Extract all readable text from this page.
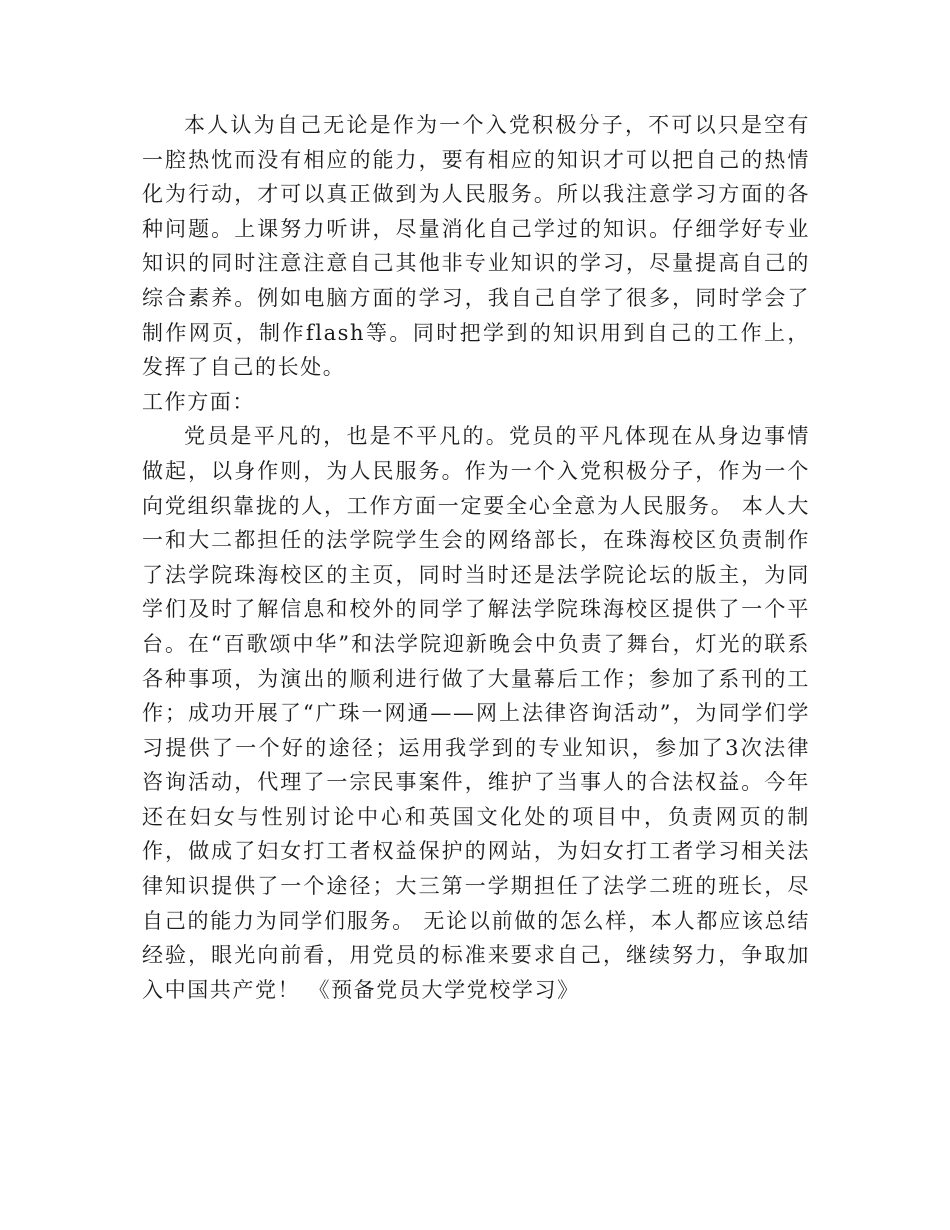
本人认为自己无论是作为一个入党积极分子，不可以只是空有一腔热忱而没有相应的能力，要有相应的知识才可以把自己的热情化为行动，才可以真正做到为人民服务。所以我注意学习方面的各种问题。上课努力听讲，尽量消化自己学过的知识。仔细学好专业知识的同时注意注意自己其他非专业知识的学习，尽量提高自己的综合素养。例如电脑方面的学习，我自己自学了很多，同时学会了制作网页，制作flash等。同时把学到的知识用到自己的工作上，发挥了自己的长处。

工作方面：

党员是平凡的，也是不平凡的。党员的平凡体现在从身边事情做起，以身作则，为人民服务。作为一个入党积极分子，作为一个向党组织靠拢的人，工作方面一定要全心全意为人民服务。 本人大一和大二都担任的法学院学生会的网络部长，在珠海校区负责制作了法学院珠海校区的主页，同时当时还是法学院论坛的版主，为同学们及时了解信息和校外的同学了解法学院珠海校区提供了一个平台。在“百歌颂中华”和法学院迎新晚会中负责了舞台，灯光的联系各种事项，为演出的顺利进行做了大量幕后工作；参加了系刊的工作；成功开展了“广珠一网通——网上法律咨询活动”，为同学们学习提供了一个好的途径；运用我学到的专业知识，参加了3次法律咨询活动，代理了一宗民事案件，维护了当事人的合法权益。今年还在妇女与性别讨论中心和英国文化处的项目中，负责网页的制作，做成了妇女打工者权益保护的网站，为妇女打工者学习相关法律知识提供了一个途径；大三第一学期担任了法学二班的班长，尽自己的能力为同学们服务。 无论以前做的怎么样，本人都应该总结经验，眼光向前看，用党员的标准来要求自己，继续努力，争取加入中国共产党！ 《预备党员大学党校学习》
